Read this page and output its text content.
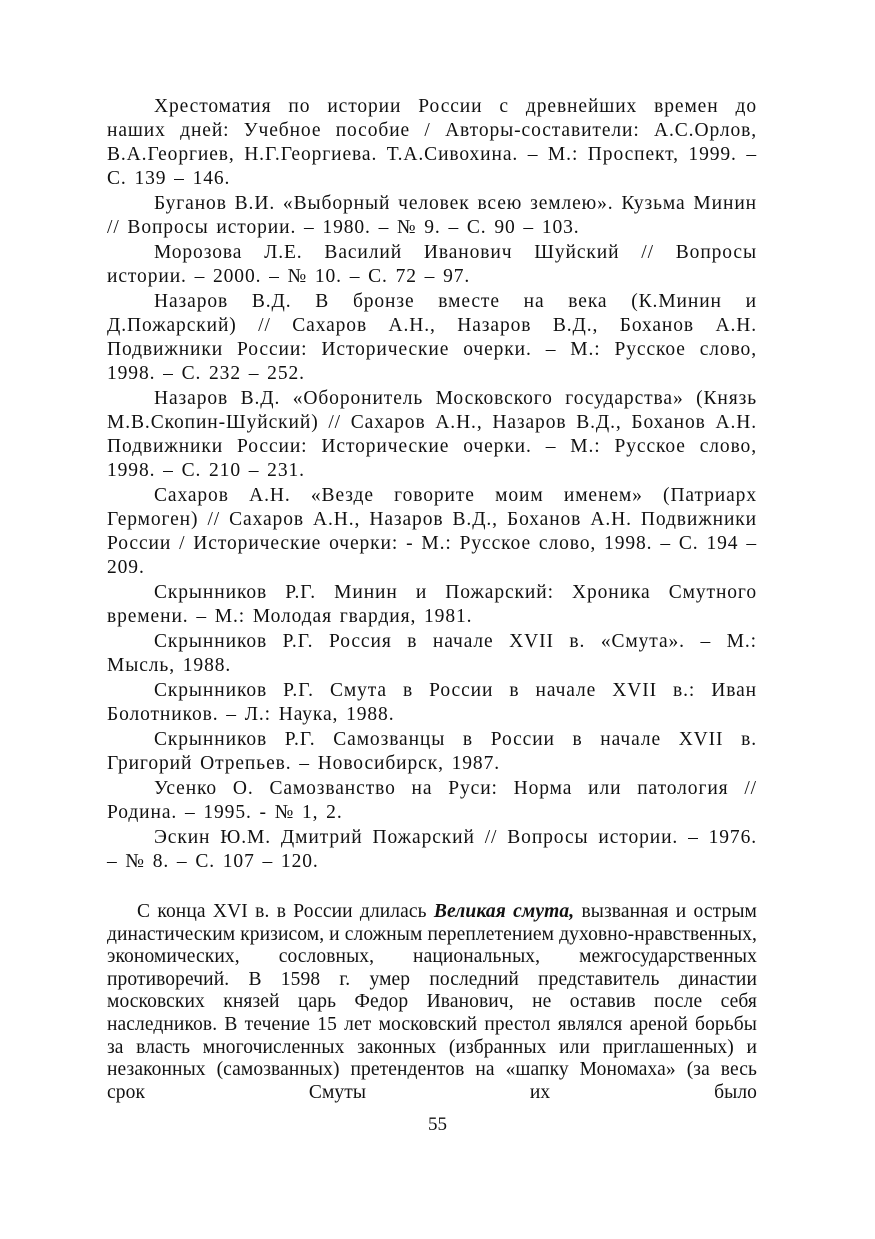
Хрестоматия по истории России с древнейших времен до наших дней: Учебное пособие / Авторы-составители: А.С.Орлов, В.А.Георгиев, Н.Г.Георгиева. Т.А.Сивохина. – М.: Проспект, 1999. – С. 139 – 146.

Буганов В.И. «Выборный человек всею землею». Кузьма Минин // Вопросы истории. – 1980. – № 9. – С. 90 – 103.

Морозова Л.Е. Василий Иванович Шуйский // Вопросы истории. – 2000. – № 10. – С. 72 – 97.

Назаров В.Д. В бронзе вместе на века (К.Минин и Д.Пожарский) // Сахаров А.Н., Назаров В.Д., Боханов А.Н. Подвижники России: Исторические очерки. – М.: Русское слово, 1998. – С. 232 – 252.

Назаров В.Д. «Оборонитель Московского государства» (Князь М.В.Скопин-Шуйский) // Сахаров А.Н., Назаров В.Д., Боханов А.Н. Подвижники России: Исторические очерки. – М.: Русское слово, 1998. – С. 210 – 231.

Сахаров А.Н. «Везде говорите моим именем» (Патриарх Гермоген) // Сахаров А.Н., Назаров В.Д., Боханов А.Н. Подвижники России / Исторические очерки: - М.: Русское слово, 1998. – С. 194 – 209.

Скрынников Р.Г. Минин и Пожарский: Хроника Смутного времени. – М.: Молодая гвардия, 1981.

Скрынников Р.Г. Россия в начале XVII в. «Смута». – М.: Мысль, 1988.

Скрынников Р.Г. Смута в России в начале XVII в.: Иван Болотников. – Л.: Наука, 1988.

Скрынников Р.Г. Самозванцы в России в начале XVII в. Григорий Отрепьев. – Новосибирск, 1987.

Усенко О. Самозванство на Руси: Норма или патология // Родина. – 1995. - № 1, 2.

Эскин Ю.М. Дмитрий Пожарский // Вопросы истории. – 1976. – № 8. – С. 107 – 120.

С конца XVI в. в России длилась Великая смута, вызванная и острым династическим кризисом, и сложным переплетением духовно-нравственных, экономических, сословных, национальных, межгосударственных противоречий. В 1598 г. умер последний представитель династии московских князей царь Федор Иванович, не оставив после себя наследников. В течение 15 лет московский престол являлся ареной борьбы за власть многочисленных законных (избранных или приглашенных) и незаконных (самозванных) претендентов на «шапку Мономаха» (за весь срок Смуты их было

55
